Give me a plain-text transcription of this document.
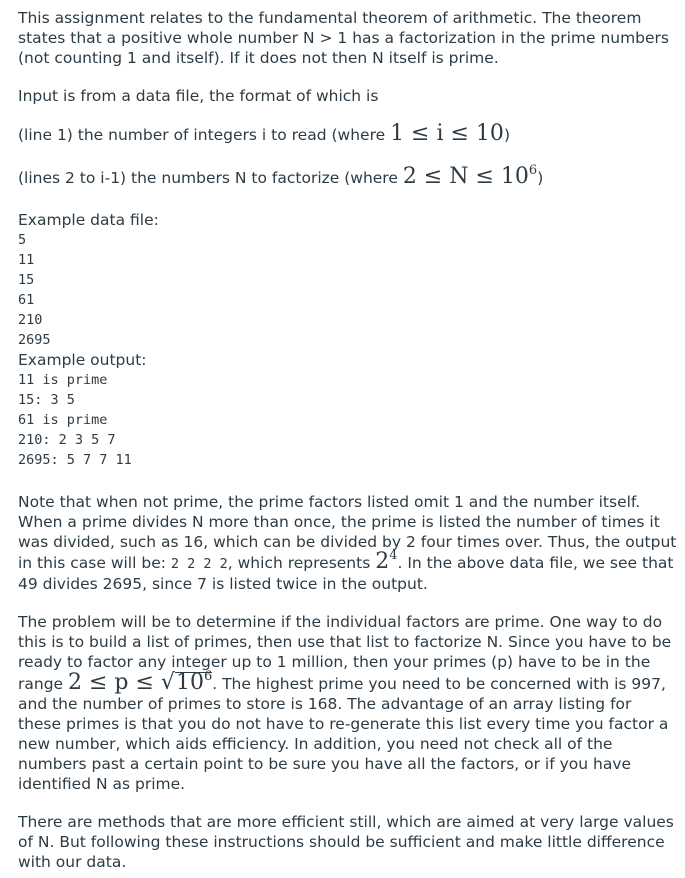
This assignment relates to the fundamental theorem of arithmetic. The theorem states that a positive whole number N > 1 has a factorization in the prime numbers (not counting 1 and itself). If it does not then N itself is prime.

Input is from a data file, the format of which is

(line 1) the number of integers i to read (where 1 ≤ i ≤ 10)

(lines 2 to i-1) the numbers N to factorize (where $2 \le N \le 10^6$)

Example data file:

5
11
15
61
210
2695

Example output:

11 is prime
15: 3 5
61 is prime
210: 2 3 5 7
2695: 5 7 7 11

Note that when not prime, the prime factors listed omit 1 and the number itself. When a prime divides N more than once, the prime is listed the number of times it was divided, such as 16, which can be divided by 2 four times over. Thus, the output in this case will be: 2 2 2 2, which represents $2^4$. In the above data file, we see that 49 divides 2695, since 7 is listed twice in the output.

The problem will be to determine if the individual factors are prime. One way to do this is to build a list of primes, then use that list to factorize N. Since you have to be ready to factor any integer up to 1 million, then your primes (p) have to be in the range $2 \le p \le √10^6$. The highest prime you need to be concerned with is 997, and the number of primes to store is 168. The advantage of an array listing for these primes is that you do not have to re-generate this list every time you factor a new number, which aids efficiency. In addition, you need not check all of the numbers past a certain point to be sure you have all the factors, or if you have identified N as prime.

There are methods that are more efficient still, which are aimed at very large values of N. But following these instructions should be sufficient and make little difference with our data.
